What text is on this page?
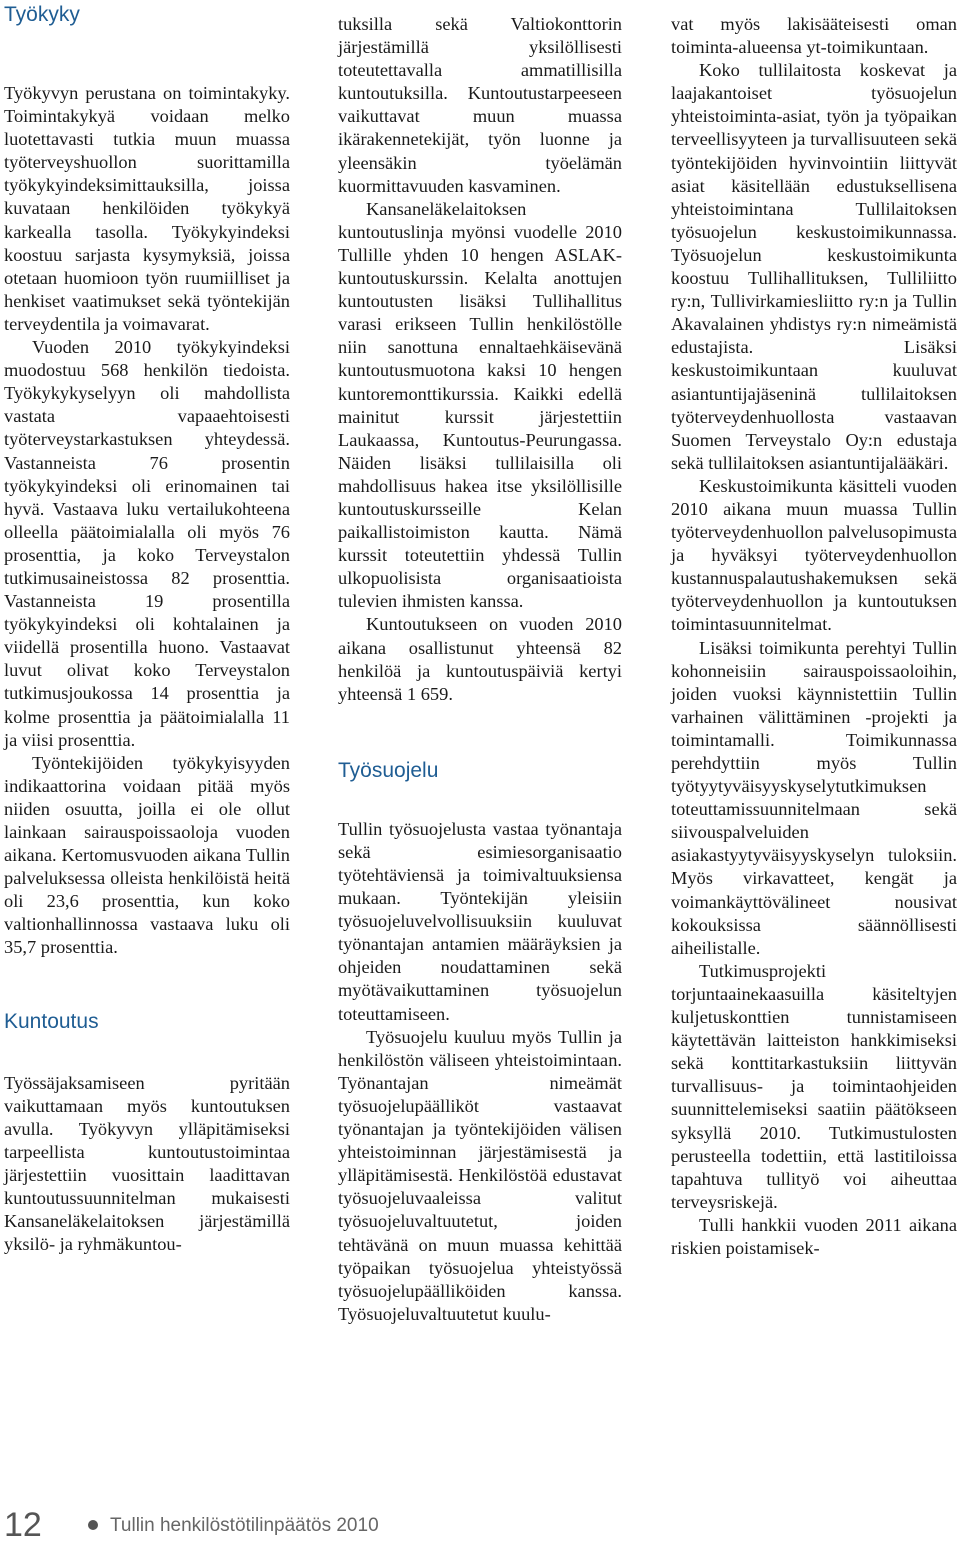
Työkyky

Työkyvyn perustana on toimintakyky. Toimintakykyä voidaan melko luotettavasti tutkia muun muassa työterveyshuollon suorittamilla työkykyindeksimittauksilla, joissa kuvataan henkilöiden työkykyä karkealla tasolla. Työkykyindeksi koostuu sarjasta kysymyksiä, joissa otetaan huomioon työn ruumiilliset ja henkiset vaatimukset sekä työntekijän terveydentila ja voimavarat.

Vuoden 2010 työkykyindeksi muodostuu 568 henkilön tiedoista. Työkykykyselyyn oli mahdollista vastata vapaaehtoisesti työterveystarkastuksen yhteydessä. Vastanneista 76 prosentin työkykyindeksi oli erinomainen tai hyvä. Vastaava luku vertailukohteena olleella päätoimialalla oli myös 76 prosenttia, ja koko Terveystalon tutkimusaineistossa 82 prosenttia. Vastanneista 19 prosentilla työkykyindeksi oli kohtalainen ja viidellä prosentilla huono. Vastaavat luvut olivat koko Terveystalon tutkimusjoukossa 14 prosenttia ja kolme prosenttia ja päätoimialalla 11 ja viisi prosenttia.

Työntekijöiden työkykyisyyden indikaattorina voidaan pitää myös niiden osuutta, joilla ei ole ollut lainkaan sairauspoissaoloja vuoden aikana. Kertomusvuoden aikana Tullin palveluksessa olleista henkilöistä heitä oli 23,6 prosenttia, kun koko valtionhallinnossa vastaava luku oli 35,7 prosenttia.

Kuntoutus

Työssäjaksamiseen pyritään vaikuttamaan myös kuntoutuksen avulla. Työkyvyn ylläpitämiseksi tarpeellista kuntoutustoimintaa järjestettiin vuosittain laadittavan kuntoutussuunnitelman mukaisesti Kansaneläkelaitoksen järjestämillä yksilö- ja ryhmäkuntou-

tuksilla sekä Valtiokonttorin järjestämillä yksilöllisesti toteutettavalla ammatillisilla kuntoutuksilla. Kuntoutustarpeeseen vaikuttavat muun muassa ikärakennetekijät, työn luonne ja yleensäkin työelämän kuormittavuuden kasvaminen.

Kansaneläkelaitoksen kuntoutuslinja myönsi vuodelle 2010 Tullille yhden 10 hengen ASLAK-kuntoutuskurssin. Kelalta anottujen kuntoutusten lisäksi Tullihallitus varasi erikseen Tullin henkilöstölle niin sanottuna ennaltaehkäisevänä kuntoutusmuotona kaksi 10 hengen kuntoremonttikurssia. Kaikki edellä mainitut kurssit järjestettiin Laukaassa, Kuntoutus-Peurungassa. Näiden lisäksi tullilaisilla oli mahdollisuus hakea itse yksilöllisille kuntoutuskursseille Kelan paikallistoimiston kautta. Nämä kurssit toteutettiin yhdessä Tullin ulkopuolisista organisaatioista tulevien ihmisten kanssa.

Kuntoutukseen on vuoden 2010 aikana osallistunut yhteensä 82 henkilöä ja kuntoutuspäiviä kertyi yhteensä 1 659.

Työsuojelu

Tullin työsuojelusta vastaa työnantaja sekä esimiesorganisaatio työtehtäviensä ja toimivaltuuksiensa mukaan. Työntekijän yleisiin työsuojeluvelvollisuuksiin kuuluvat työnantajan antamien määräyksien ja ohjeiden noudattaminen sekä myötävaikuttaminen työsuojelun toteuttamiseen.

Työsuojelu kuuluu myös Tullin ja henkilöstön väliseen yhteistoimintaan. Työnantajan nimeämät työsuojelupäälliköt vastaavat työnantajan ja työntekijöiden välisen yhteistoiminnan järjestämisestä ja ylläpitämisestä. Henkilöstöä edustavat työsuojeluvaaleissa valitut työsuojeluvaltuutetut, joiden tehtävänä on muun muassa kehittää työpaikan työsuojelua yhteistyössä työsuojelupäälliköiden kanssa. Työsuojeluvaltuutetut kuulu-

vat myös lakisääteisesti oman toiminta-alueensa yt-toimikuntaan.

Koko tullilaitosta koskevat ja laajakantoiset työsuojelun yhteistoiminta-asiat, työn ja työpaikan terveellisyyteen ja turvallisuuteen sekä työntekijöiden hyvinvointiin liittyvät asiat käsitellään edustuksellisena yhteistoimintana Tullilaitoksen työsuojelun keskustoimikunnassa. Työsuojelun keskustoimikunta koostuu Tullihallituksen, Tulliliitto ry:n, Tullivirkamiesliitto ry:n ja Tullin Akavalainen yhdistys ry:n nimeämistä edustajista. Lisäksi keskustoimikuntaan kuuluvat asiantuntijajäseninä tullilaitoksen työterveydenhuollosta vastaavan Suomen Terveystalo Oy:n edustaja sekä tullilaitoksen asiantuntijalääkäri.

Keskustoimikunta käsitteli vuoden 2010 aikana muun muassa Tullin työterveydenhuollon palvelusopimusta ja hyväksyi työterveydenhuollon kustannuspalautushakemuksen sekä työterveydenhuollon ja kuntoutuksen toimintasuunnitelmat.

Lisäksi toimikunta perehtyi Tullin kohonneisiin sairauspoissaoloihin, joiden vuoksi käynnistettiin Tullin varhainen välittäminen -projekti ja toimintamalli. Toimikunnassa perehdyttiin myös Tullin työtyytyväisyyskyselytutkimuksen toteuttamissuunnitelmaan sekä siivouspalveluiden asiakastyytyväisyyskyselyn tuloksiin. Myös virkavatteet, kengät ja voimankäyttövälineet nousivat kokouksissa säännöllisesti aiheilistalle.

Tutkimusprojekti torjuntaainekaasuilla käsiteltyjen kuljetuskonttien tunnistamiseen käytettävän laitteiston hankkimiseksi sekä konttitarkastuksiin liittyvän turvallisuus- ja toimintaohjeiden suunnittelemiseksi saatiin päätökseen syksyllä 2010. Tutkimustulosten perusteella todettiin, että lastitiloissa tapahtuva tullityö voi aiheuttaa terveysriskejä.

Tulli hankkii vuoden 2011 aikana riskien poistamisek-

12	Tullin henkilöstötilinpäätös 2010
